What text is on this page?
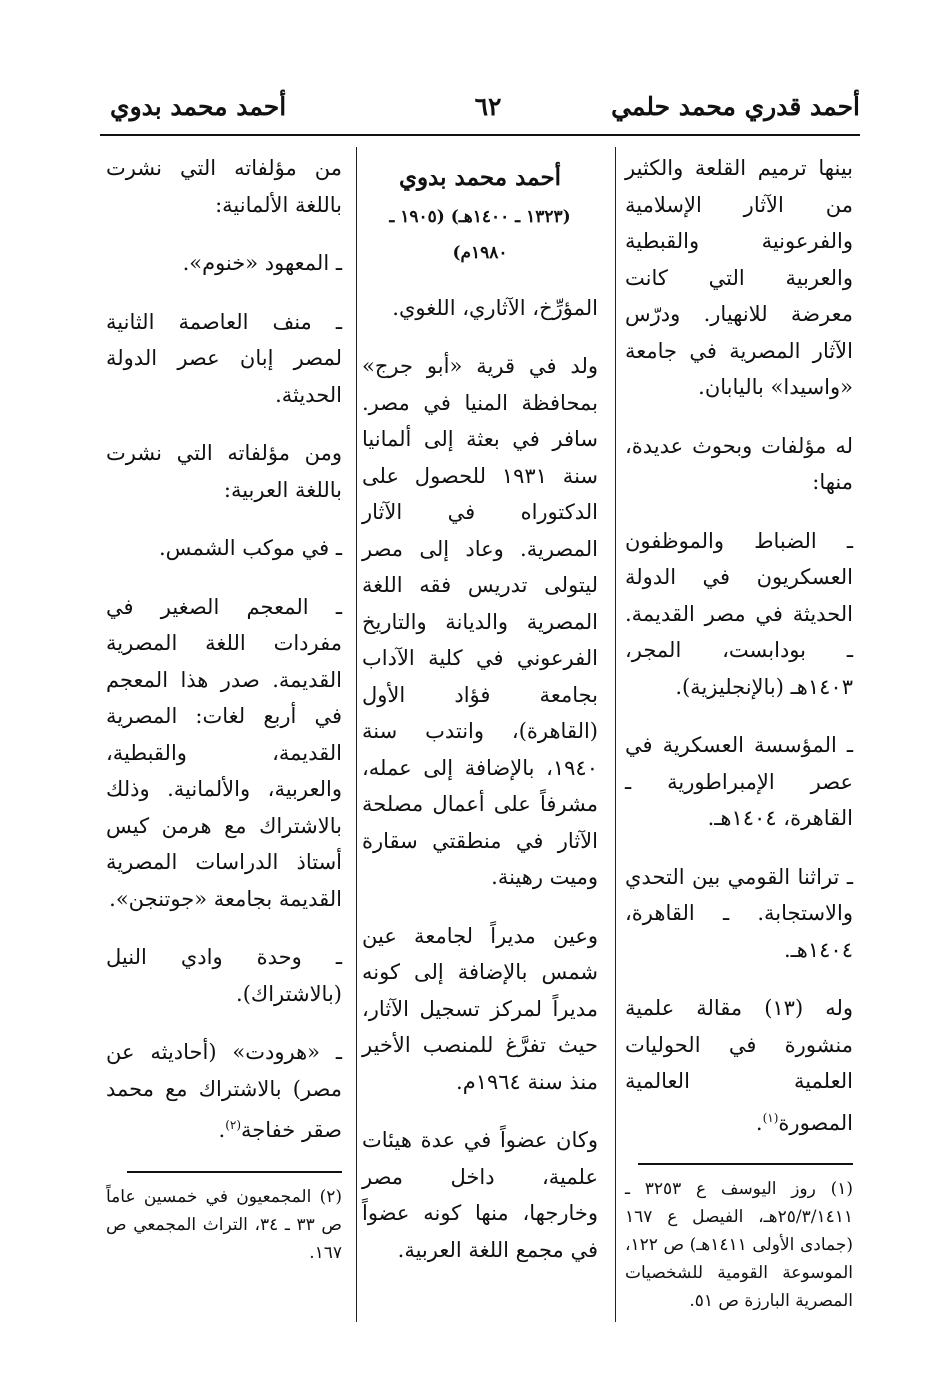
أحمد قدري محمد حلمي
٦٢
أحمد محمد بدوي

بينها ترميم القلعة والكثير من الآثار الإسلامية والفرعونية والقبطية والعربية التي كانت معرضة للانهيار. ودرّس الآثار المصرية في جامعة «واسيدا» باليابان.

له مؤلفات وبحوث عديدة، منها:

ـ الضباط والموظفون العسكريون في الدولة الحديثة في مصر القديمة. ـ بودابست، المجر، ١٤٠٣هـ (بالإنجليزية).

ـ المؤسسة العسكرية في عصر الإمبراطورية ـ القاهرة، ١٤٠٤هـ.

ـ تراثنا القومي بين التحدي والاستجابة. ـ القاهرة، ١٤٠٤هـ.

وله (١٣) مقالة علمية منشورة في الحوليات العلمية العالمية المصورة$^{(١)}$.

(١) روز اليوسف ع ٣٢٥٣ ـ ٢٥/٣/١٤١١هـ، الفيصل ع ١٦٧ (جمادى الأولى ١٤١١هـ) ص ١٢٢، الموسوعة القومية للشخصيات المصرية البارزة ص ٥١.
أحمد محمد بدوي
(١٣٢٣ ـ ١٤٠٠هـ) (١٩٠٥ ـ ١٩٨٠م)

المؤرِّخ، الآثاري، اللغوي.

ولد في قرية «أبو جرج» بمحافظة المنيا في مصر. سافر في بعثة إلى ألمانيا سنة ١٩٣١ للحصول على الدكتوراه في الآثار المصرية. وعاد إلى مصر ليتولى تدريس فقه اللغة المصرية والديانة والتاريخ الفرعوني في كلية الآداب بجامعة فؤاد الأول (القاهرة)، وانتدب سنة ١٩٤٠، بالإضافة إلى عمله، مشرفاً على أعمال مصلحة الآثار في منطقتي سقارة وميت رهينة.

وعين مديراً لجامعة عين شمس بالإضافة إلى كونه مديراً لمركز تسجيل الآثار، حيث تفرَّغ للمنصب الأخير منذ سنة ١٩٦٤م.

وكان عضواً في عدة هيئات علمية، داخل مصر وخارجها، منها كونه عضواً في مجمع اللغة العربية.

من مؤلفاته التي نشرت باللغة الألمانية:

ـ المعهود «خنوم».

ـ منف العاصمة الثانية لمصر إبان عصر الدولة الحديثة.

ومن مؤلفاته التي نشرت باللغة العربية:

ـ في موكب الشمس.

ـ المعجم الصغير في مفردات اللغة المصرية القديمة. صدر هذا المعجم في أربع لغات: المصرية القديمة، والقبطية، والعربية، والألمانية. وذلك بالاشتراك مع هرمن كيس أستاذ الدراسات المصرية القديمة بجامعة «جوتنجن».

ـ وحدة وادي النيل (بالاشتراك).

ـ «هرودت» (أحاديثه عن مصر) بالاشتراك مع محمد صقر خفاجة$^{(٢)}$.

(٢) المجمعيون في خمسين عاماً ص ٣٣ ـ ٣٤، التراث المجمعي ص ١٦٧.
